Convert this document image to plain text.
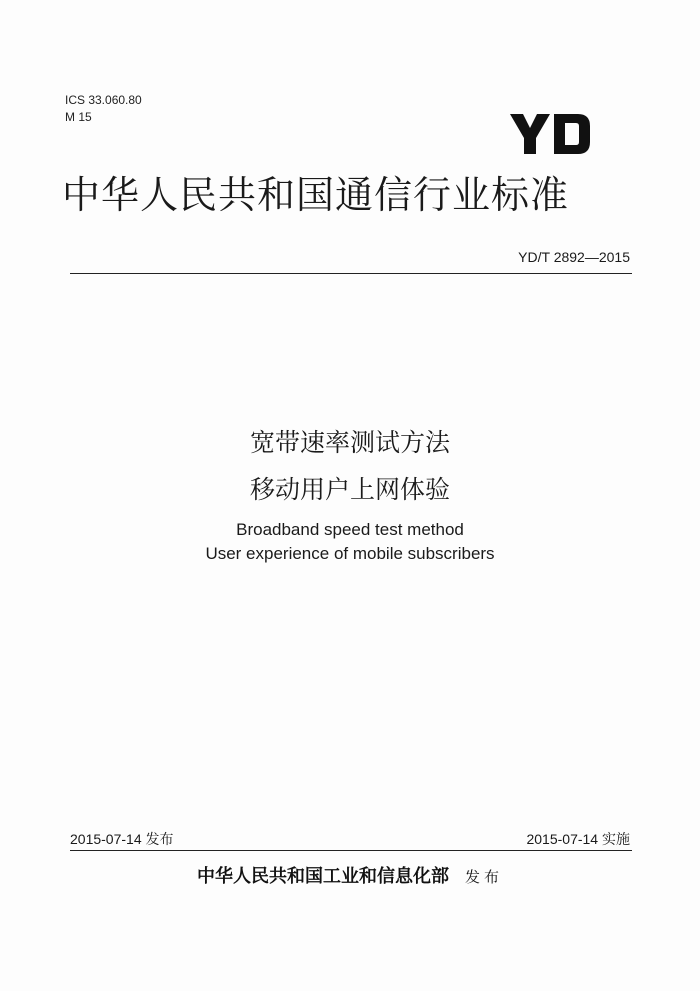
ICS 33.060.80
M 15
中华人民共和国通信行业标准
YD/T 2892—2015
宽带速率测试方法
移动用户上网体验
Broadband speed test method
User experience of mobile subscribers
2015-07-14 发布	2015-07-14 实施
中华人民共和国工业和信息化部 发布
